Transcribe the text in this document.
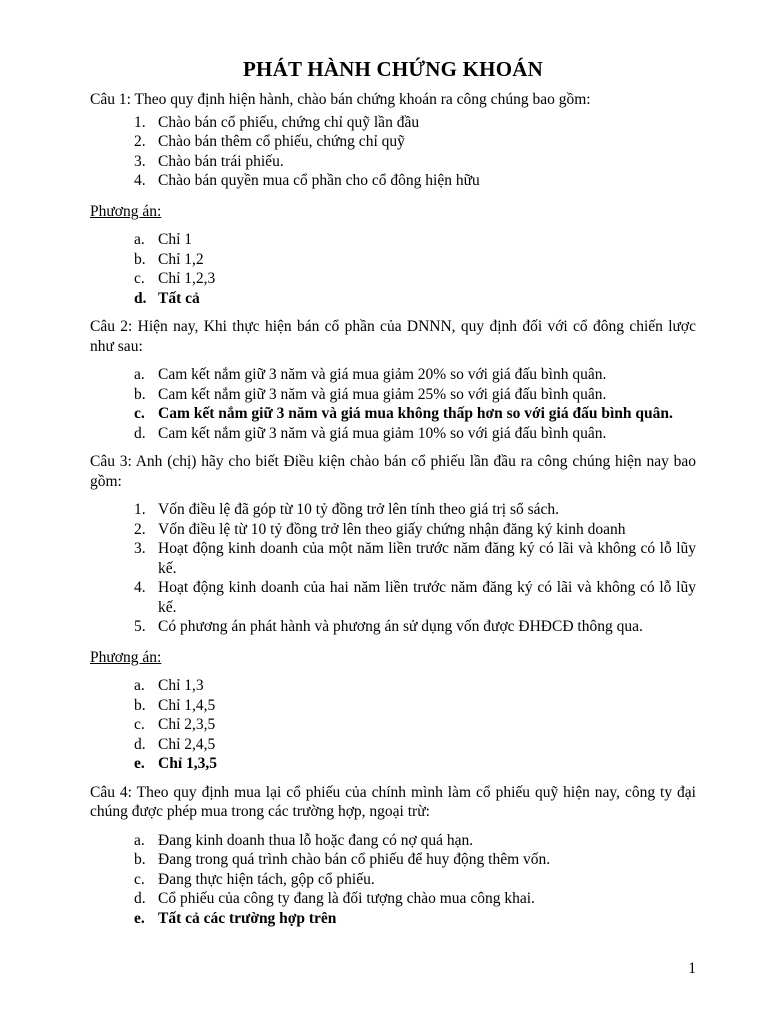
PHÁT HÀNH CHỨNG KHOÁN

Câu 1: Theo quy định hiện hành, chào bán chứng khoán ra công chúng bao gồm:

1. Chào bán cổ phiếu, chứng chỉ quỹ lần đầu
2. Chào bán thêm cổ phiếu, chứng chỉ quỹ
3. Chào bán trái phiếu.
4. Chào bán quyền mua cổ phần cho cổ đông hiện hữu

Phương án:

a. Chỉ 1
b. Chỉ 1,2
c. Chỉ 1,2,3
d. Tất cả

Câu 2: Hiện nay, Khi thực hiện bán cổ phần của DNNN, quy định đối với cổ đông chiến lược như sau:

a. Cam kết nắm giữ 3 năm và giá mua giảm 20% so với giá đấu bình quân.
b. Cam kết nắm giữ 3 năm và giá mua giảm 25% so với giá đấu bình quân.
c. Cam kết nắm giữ 3 năm và giá mua không thấp hơn so với giá đấu bình quân.
d. Cam kết nắm giữ 3 năm và giá mua giảm 10% so với giá đấu bình quân.

Câu 3: Anh (chị) hãy cho biết Điều kiện chào bán cổ phiếu lần đầu ra công chúng hiện nay bao gồm:

1. Vốn điều lệ đã góp từ 10 tỷ đồng trở lên tính theo giá trị sổ sách.
2. Vốn điều lệ từ 10 tỷ đồng trở lên theo giấy chứng nhận đăng ký kinh doanh
3. Hoạt động kinh doanh của một năm liền trước năm đăng ký có lãi và không có lỗ lũy kế.
4. Hoạt động kinh doanh của hai năm liền trước năm đăng ký có lãi và không có lỗ lũy kế.
5. Có phương án phát hành và phương án sử dụng vốn được ĐHĐCĐ thông qua.

Phương án:

a. Chỉ 1,3
b. Chỉ 1,4,5
c. Chỉ 2,3,5
d. Chỉ 2,4,5
e. Chỉ 1,3,5

Câu 4: Theo quy định mua lại cổ phiếu của chính mình làm cổ phiếu quỹ hiện nay, công ty đại chúng được phép mua trong các trường hợp, ngoại trừ:

a. Đang kinh doanh thua lỗ hoặc đang có nợ quá hạn.
b. Đang trong quá trình chào bán cổ phiếu để huy động thêm vốn.
c. Đang thực hiện tách, gộp cổ phiếu.
d. Cổ phiếu của công ty đang là đối tượng chào mua công khai.
e. Tất cả các trường hợp trên
1
